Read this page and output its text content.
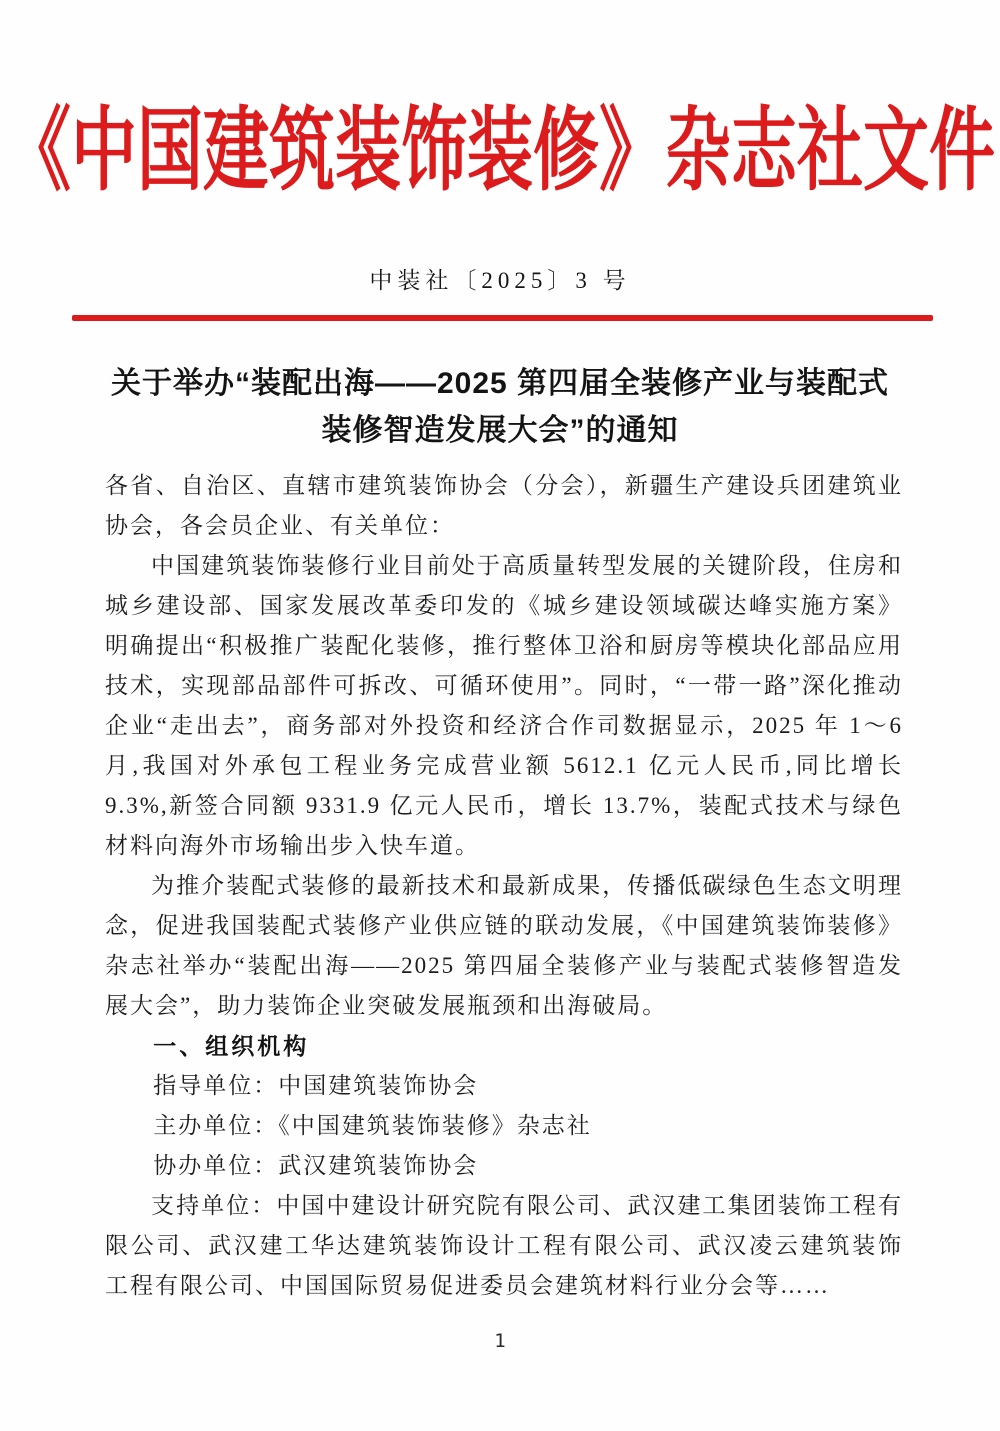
《中国建筑装饰装修》杂志社文件
中装社〔2025〕3 号
关于举办“装配出海——2025 第四届全装修产业与装配式
装修智造发展大会”的通知

各省、自治区、直辖市建筑装饰协会（分会），新疆生产建设兵团建筑业协会，各会员企业、有关单位：

中国建筑装饰装修行业目前处于高质量转型发展的关键阶段，住房和城乡建设部、国家发展改革委印发的《城乡建设领域碳达峰实施方案》明确提出“积极推广装配化装修，推行整体卫浴和厨房等模块化部品应用技术，实现部品部件可拆改、可循环使用”。同时，“一带一路”深化推动企业“走出去”，商务部对外投资和经济合作司数据显示，2025 年 1～6 月,我国对外承包工程业务完成营业额 5612.1 亿元人民币,同比增长 9.3%,新签合同额 9331.9 亿元人民币，增长 13.7%，装配式技术与绿色材料向海外市场输出步入快车道。

为推介装配式装修的最新技术和最新成果，传播低碳绿色生态文明理念，促进我国装配式装修产业供应链的联动发展，《中国建筑装饰装修》杂志社举办“装配出海——2025 第四届全装修产业与装配式装修智造发展大会”，助力装饰企业突破发展瓶颈和出海破局。

一、组织机构

指导单位：中国建筑装饰协会

主办单位：《中国建筑装饰装修》杂志社

协办单位：武汉建筑装饰协会

支持单位：中国中建设计研究院有限公司、武汉建工集团装饰工程有限公司、武汉建工华达建筑装饰设计工程有限公司、武汉凌云建筑装饰工程有限公司、中国国际贸易促进委员会建筑材料行业分会等……

1
